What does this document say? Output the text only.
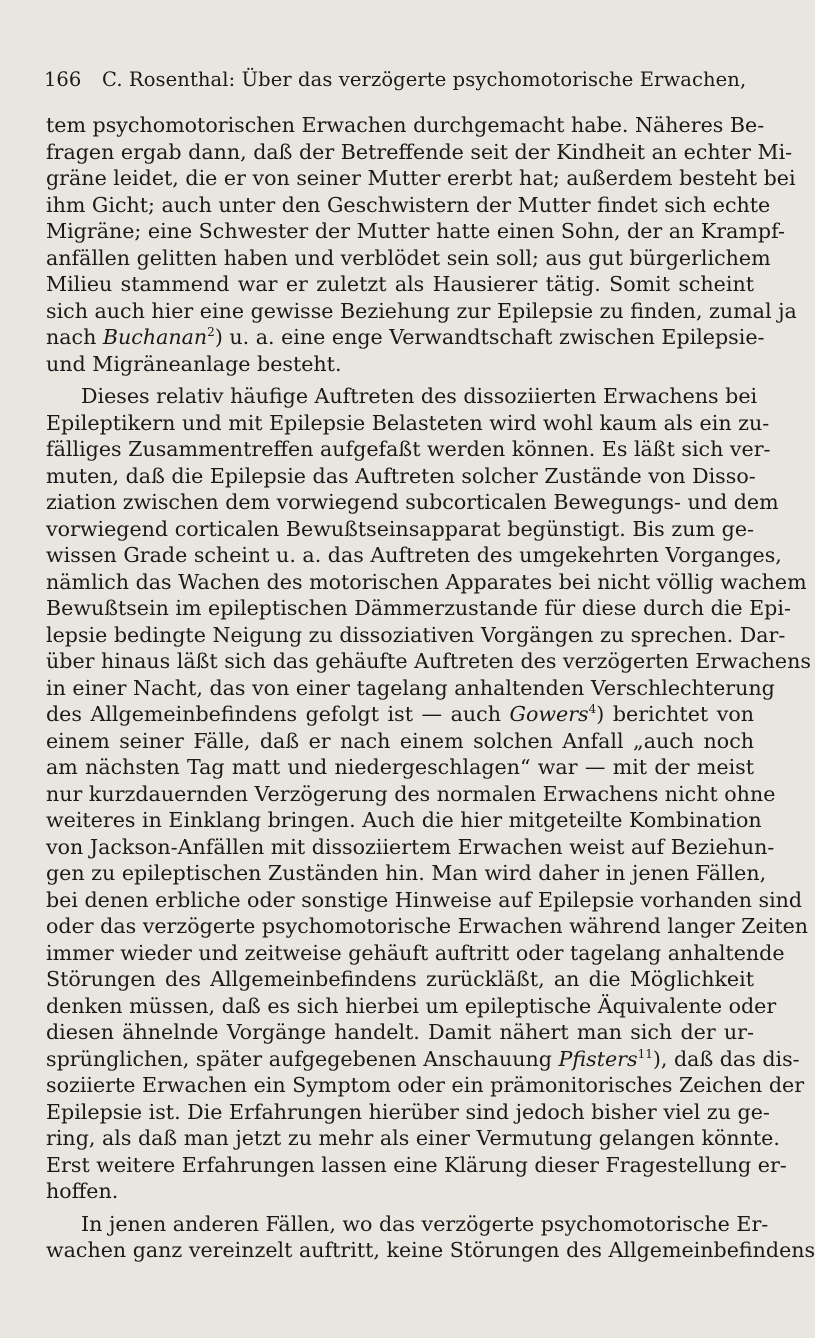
166 C. Rosenthal: Über das verzögerte psychomotorische Erwachen,
tem psychomotorischen Erwachen durchgemacht habe. Näheres Be-
fragen ergab dann, daß der Betreffende seit der Kindheit an echter Mi-
gräne leidet, die er von seiner Mutter ererbt hat; außerdem besteht bei
ihm Gicht; auch unter den Geschwistern der Mutter findet sich echte
Migräne; eine Schwester der Mutter hatte einen Sohn, der an Krampf-
anfällen gelitten haben und verblödet sein soll; aus gut bürgerlichem
Milieu stammend war er zuletzt als Hausierer tätig. Somit scheint
sich auch hier eine gewisse Beziehung zur Epilepsie zu finden, zumal ja
nach Buchanan$^2$) u. a. eine enge Verwandtschaft zwischen Epilepsie-
und Migräneanlage besteht.
Dieses relativ häufige Auftreten des dissoziierten Erwachens bei
Epileptikern und mit Epilepsie Belasteten wird wohl kaum als ein zu-
fälliges Zusammentreffen aufgefaßt werden können. Es läßt sich ver-
muten, daß die Epilepsie das Auftreten solcher Zustände von Disso-
ziation zwischen dem vorwiegend subcorticalen Bewegungs- und dem
vorwiegend corticalen Bewußtseinsapparat begünstigt. Bis zum ge-
wissen Grade scheint u. a. das Auftreten des umgekehrten Vorganges,
nämlich das Wachen des motorischen Apparates bei nicht völlig wachem
Bewußtsein im epileptischen Dämmerzustande für diese durch die Epi-
lepsie bedingte Neigung zu dissoziativen Vorgängen zu sprechen. Dar-
über hinaus läßt sich das gehäufte Auftreten des verzögerten Erwachens
in einer Nacht, das von einer tagelang anhaltenden Verschlechterung
des Allgemeinbefindens gefolgt ist — auch Gowers$^4$) berichtet von
einem seiner Fälle, daß er nach einem solchen Anfall „auch noch
am nächsten Tag matt und niedergeschlagen“ war — mit der meist
nur kurzdauernden Verzögerung des normalen Erwachens nicht ohne
weiteres in Einklang bringen. Auch die hier mitgeteilte Kombination
von Jackson-Anfällen mit dissoziiertem Erwachen weist auf Beziehun-
gen zu epileptischen Zuständen hin. Man wird daher in jenen Fällen,
bei denen erbliche oder sonstige Hinweise auf Epilepsie vorhanden sind
oder das verzögerte psychomotorische Erwachen während langer Zeiten
immer wieder und zeitweise gehäuft auftritt oder tagelang anhaltende
Störungen des Allgemeinbefindens zurückläßt, an die Möglichkeit
denken müssen, daß es sich hierbei um epileptische Äquivalente oder
diesen ähnelnde Vorgänge handelt. Damit nähert man sich der ur-
sprünglichen, später aufgegebenen Anschauung Pfisters$^{11}$), daß das dis-
soziierte Erwachen ein Symptom oder ein prämonitorisches Zeichen der
Epilepsie ist. Die Erfahrungen hierüber sind jedoch bisher viel zu ge-
ring, als daß man jetzt zu mehr als einer Vermutung gelangen könnte.
Erst weitere Erfahrungen lassen eine Klärung dieser Fragestellung er-
hoffen.
In jenen anderen Fällen, wo das verzögerte psychomotorische Er-
wachen ganz vereinzelt auftritt, keine Störungen des Allgemeinbefindens
